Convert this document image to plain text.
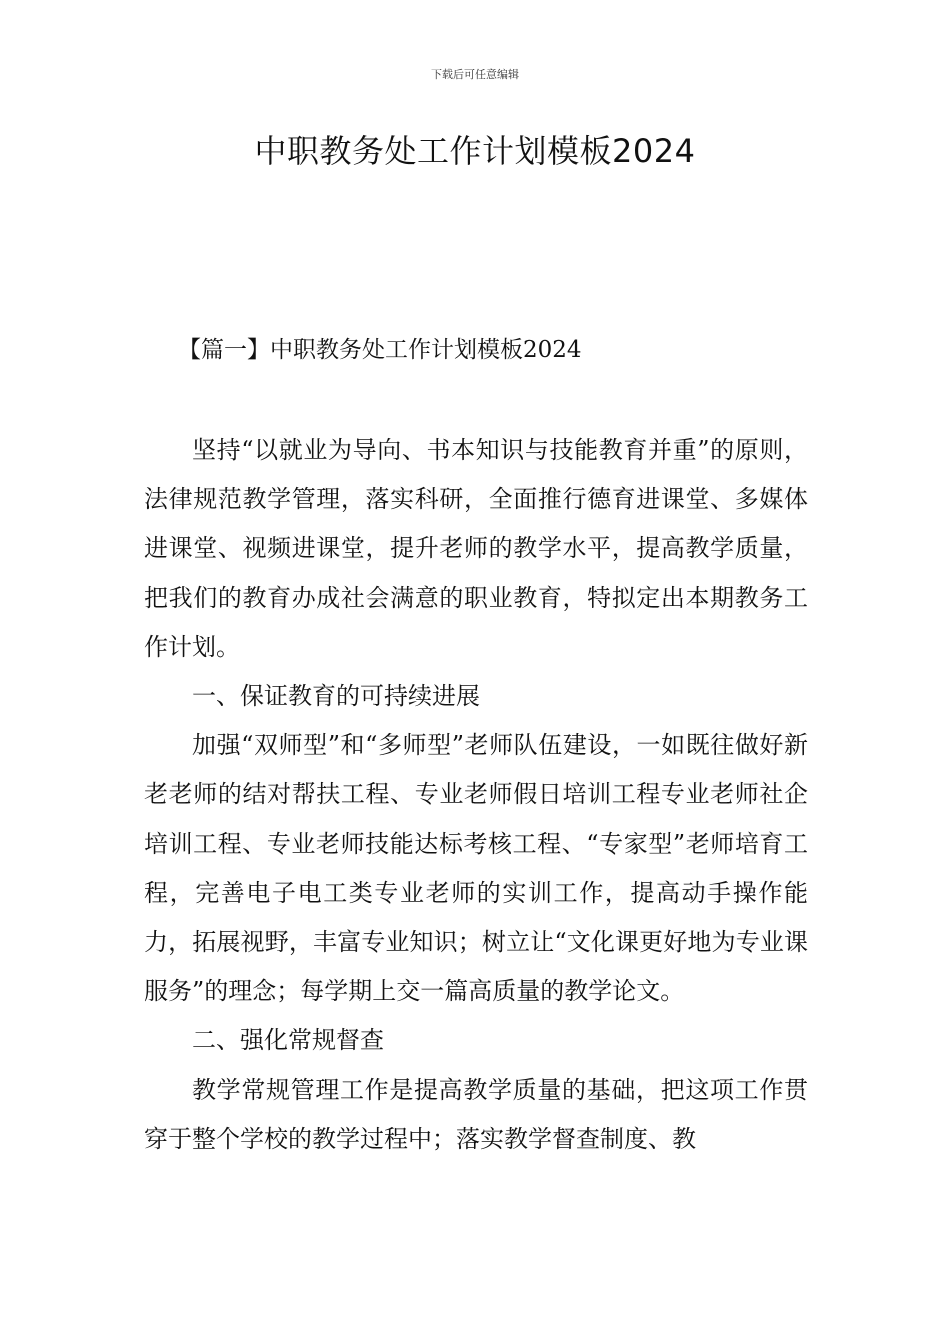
下载后可任意编辑
中职教务处工作计划模板2024
【篇一】中职教务处工作计划模板2024

坚持“以就业为导向、书本知识与技能教育并重”的原则，法律规范教学管理，落实科研，全面推行德育进课堂、多媒体进课堂、视频进课堂，提升老师的教学水平，提高教学质量，把我们的教育办成社会满意的职业教育，特拟定出本期教务工作计划。

一、保证教育的可持续进展

加强“双师型”和“多师型”老师队伍建设，一如既往做好新老老师的结对帮扶工程、专业老师假日培训工程专业老师社企培训工程、专业老师技能达标考核工程、“专家型”老师培育工程，完善电子电工类专业老师的实训工作，提高动手操作能力，拓展视野，丰富专业知识；树立让“文化课更好地为专业课服务”的理念；每学期上交一篇高质量的教学论文。

二、强化常规督查

教学常规管理工作是提高教学质量的基础，把这项工作贯穿于整个学校的教学过程中；落实教学督查制度、教
